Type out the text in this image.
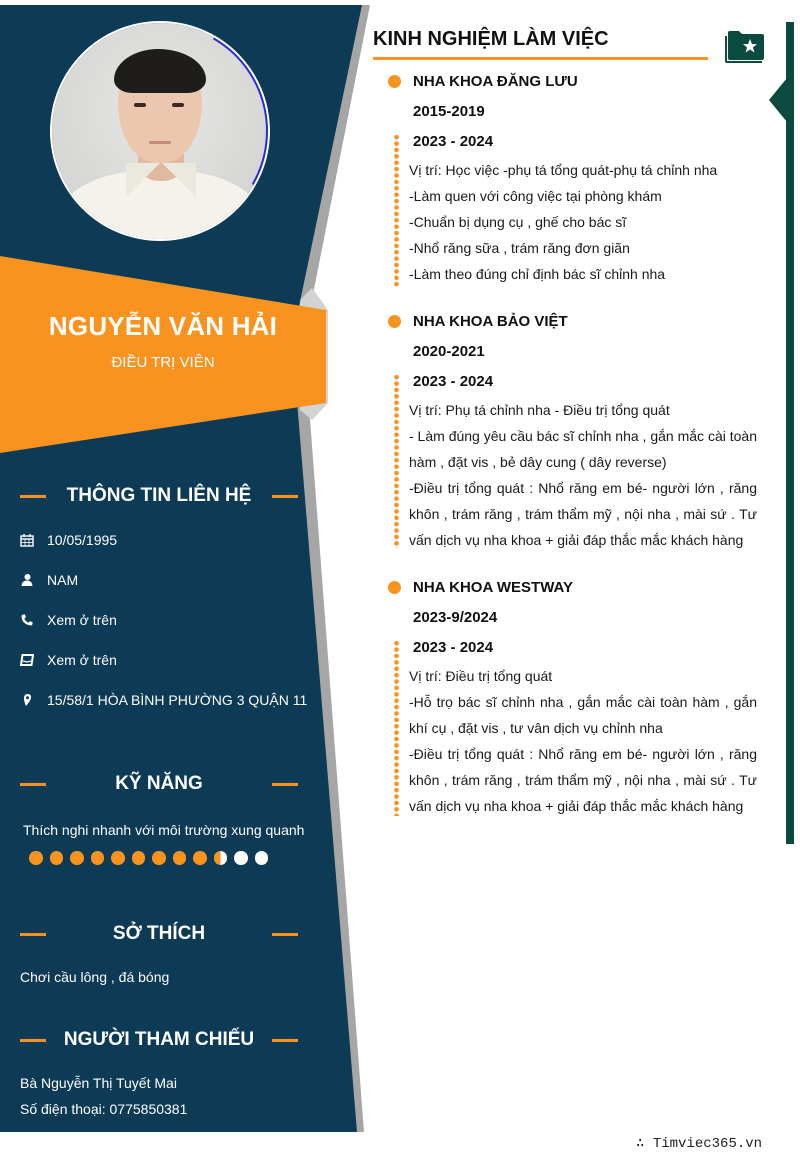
NGUYỄN VĂN HẢI
ĐIỀU TRỊ VIÊN
THÔNG TIN LIÊN HỆ
10/05/1995
NAM
Xem ở trên
Xem ở trên
15/58/1 HÒA BÌNH PHƯỜNG 3 QUẬN 11
KỸ NĂNG
Thích nghi nhanh với môi trường xung quanh
SỞ THÍCH
Chơi cầu lông , đá bóng
NGƯỜI THAM CHIẾU
Bà Nguyễn Thị Tuyết Mai
Số điện thoại: 0775850381
KINH NGHIỆM LÀM VIỆC
NHA KHOA ĐĂNG LƯU
2015-2019
2023 - 2024
Vị trí: Học việc -phụ tá tổng quát-phụ tá chỉnh nha
-Làm quen với công việc tại phòng khám
-Chuẩn bị dụng cụ , ghế cho bác sĩ
-Nhổ răng sữa , trám răng đơn giãn
-Làm theo đúng chỉ định bác sĩ chỉnh nha
NHA KHOA BẢO VIỆT
2020-2021
2023 - 2024
Vị trí: Phụ tá chỉnh nha - Điều trị tổng quát
- Làm đúng yêu cầu bác sĩ chỉnh nha , gắn mắc cài toàn hàm , đặt vis , bẻ dây cung ( dây reverse)
-Điều trị tổng quát : Nhổ răng em bé- người lớn , răng khôn , trám răng , trám thẩm mỹ , nội nha , mài sứ . Tư vấn dịch vụ nha khoa + giải đáp thắc mắc khách hàng
NHA KHOA WESTWAY
2023-9/2024
2023 - 2024
Vị trí: Điều trị tổng quát
-Hỗ trọ bác sĩ chỉnh nha , gắn mắc cài toàn hàm , gắn khí cụ , đặt vis , tư vân dịch vụ chỉnh nha
-Điều trị tổng quát : Nhổ răng em bé- người lớn , răng khôn , trám răng , trám thẩm mỹ , nội nha , mài sứ . Tư vấn dịch vụ nha khoa + giải đáp thắc mắc khách hàng
∴ Timviec365.vn
